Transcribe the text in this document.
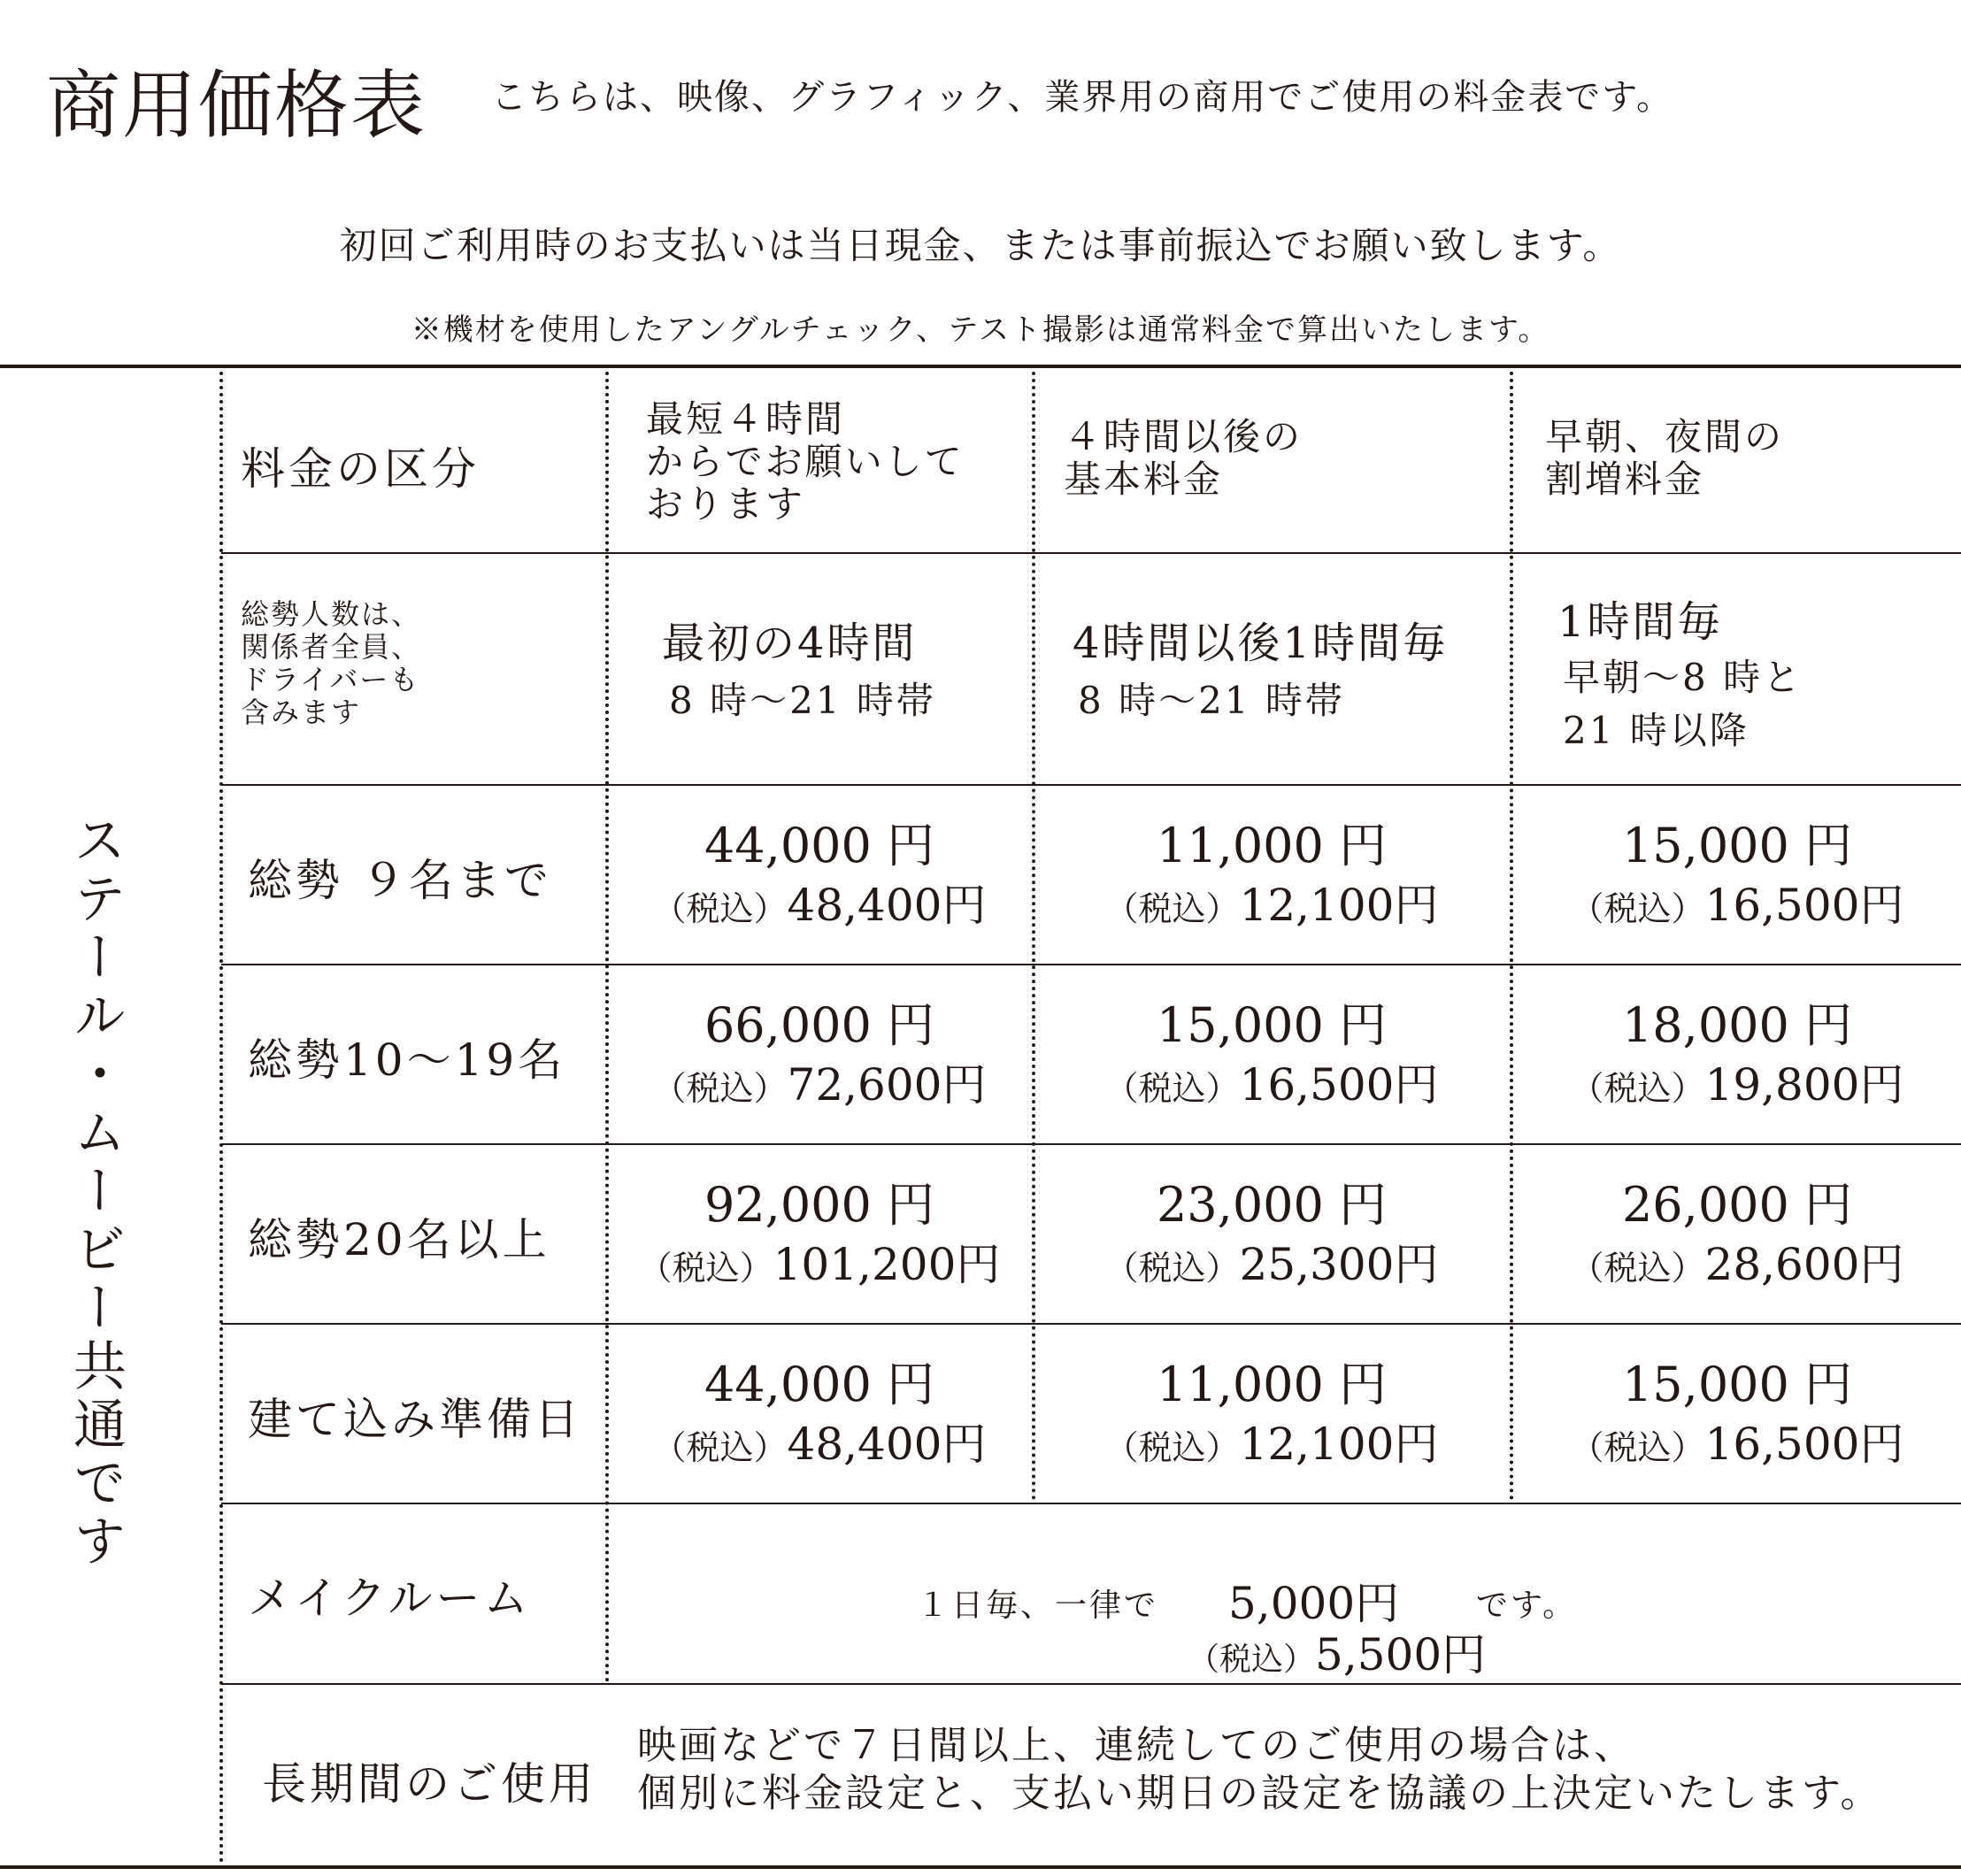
商用価格表 こちらは、映像、グラフィック、業界用の商用でご使用の料金表です。
初回ご利用時のお支払いは当日現金、または事前振込でお願い致します。
※機材を使用したアングルチェック、テスト撮影は通常料金で算出いたします。
ステール・ムービー共通です
料金の区分
最短４時間
からでお願いして
おります
４時間以後の
基本料金
早朝、夜間の
割増料金
総勢人数は、
関係者全員、
ドライバーも
含みます
最初の4時間
8 時～21 時帯
4時間以後1時間毎
8 時～21 時帯
1時間毎
早朝～8 時と
21 時以降
総勢 ９名まで
44,000 円
（税込）48,400円
11,000 円
（税込）12,100円
15,000 円
（税込）16,500円
総勢10～19名
66,000 円
（税込）72,600円
15,000 円
（税込）16,500円
18,000 円
（税込）19,800円
総勢20名以上
92,000 円
（税込）101,200円
23,000 円
（税込）25,300円
26,000 円
（税込）28,600円
建て込み準備日
44,000 円
（税込）48,400円
11,000 円
（税込）12,100円
15,000 円
（税込）16,500円
メイクルーム	１日毎、一律で 5,000円 です。
（税込）5,500円
長期間のご使用
映画などで７日間以上、連続してのご使用の場合は、
個別に料金設定と、支払い期日の設定を協議の上決定いたします。
